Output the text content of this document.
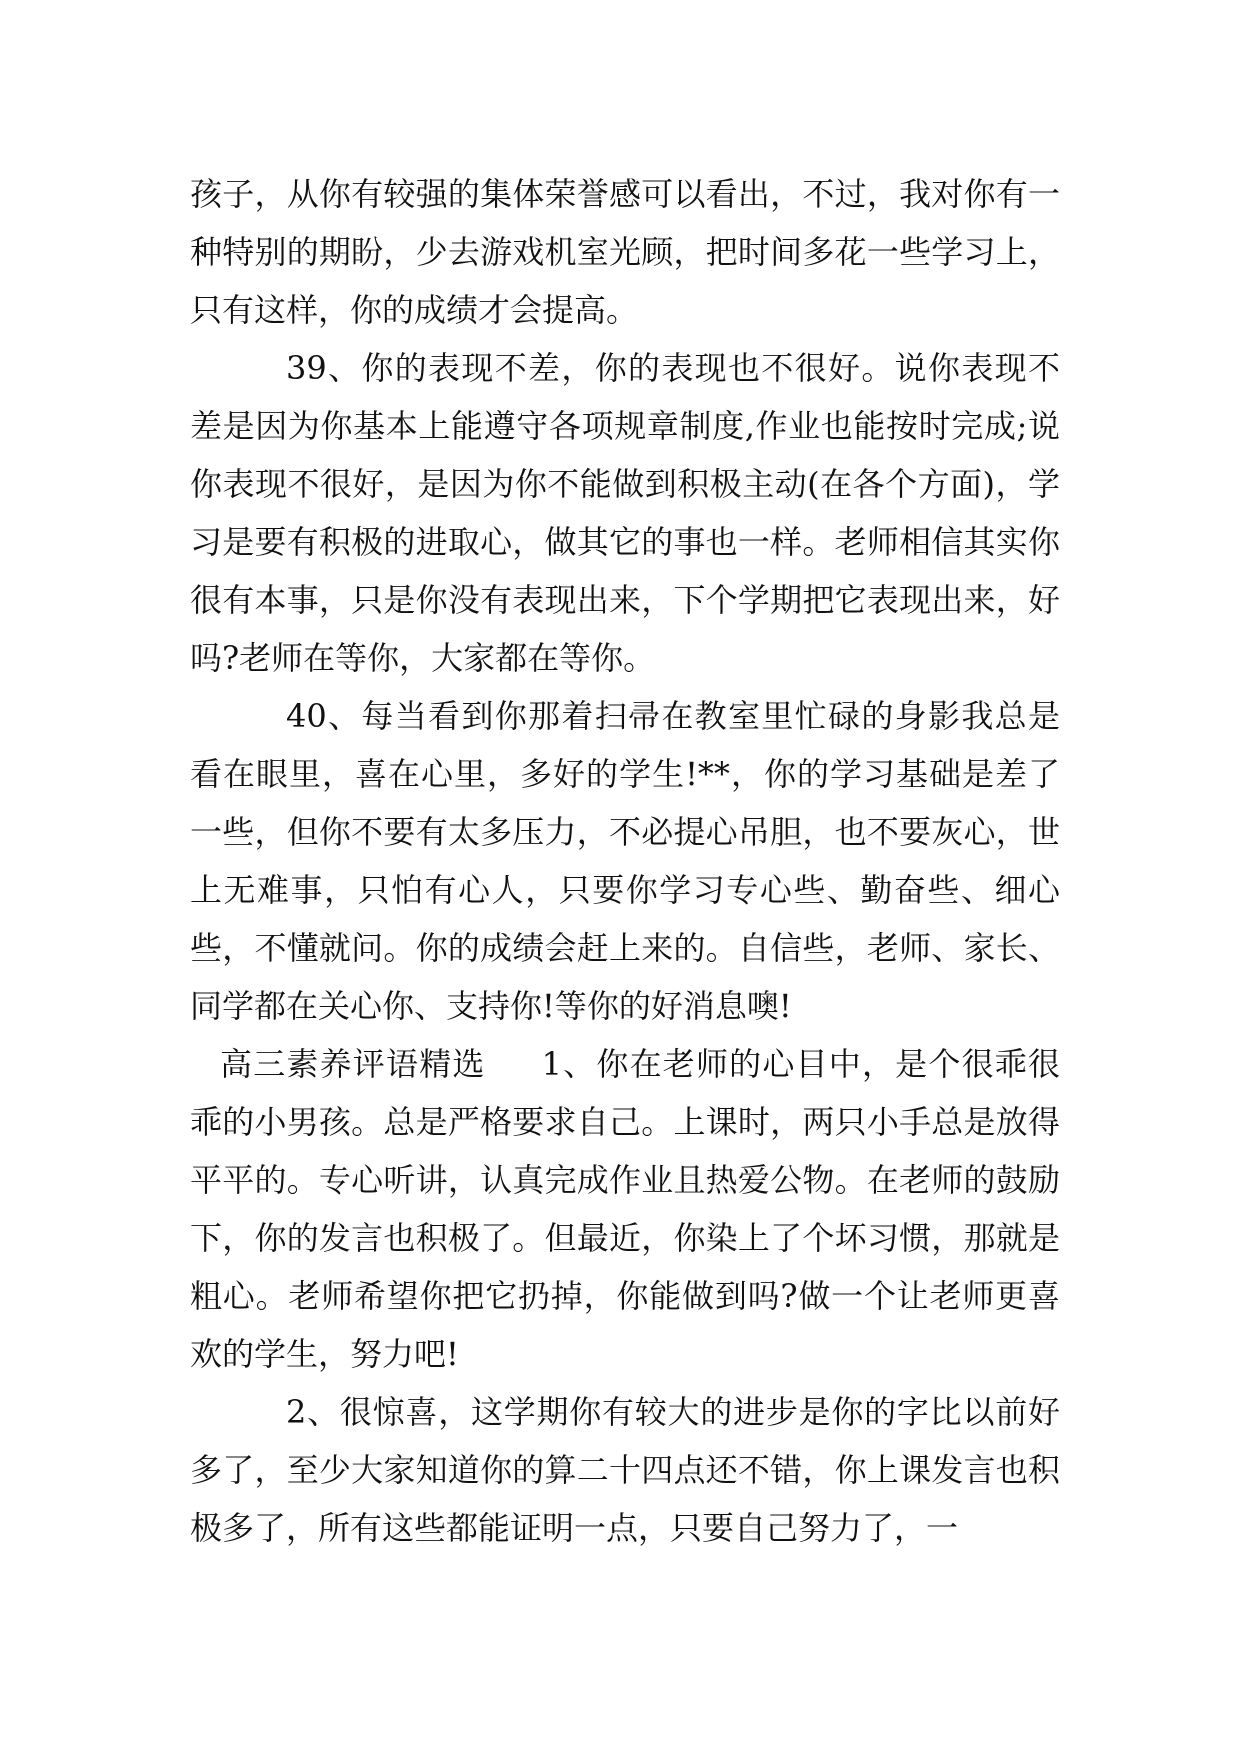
孩子，从你有较强的集体荣誉感可以看出，不过，我对你有一种特别的期盼，少去游戏机室光顾，把时间多花一些学习上，只有这样，你的成绩才会提高。

39、你的表现不差，你的表现也不很好。说你表现不差是因为你基本上能遵守各项规章制度,作业也能按时完成;说你表现不很好，是因为你不能做到积极主动(在各个方面)，学习是要有积极的进取心，做其它的事也一样。老师相信其实你很有本事，只是你没有表现出来，下个学期把它表现出来，好吗?老师在等你，大家都在等你。

40、每当看到你那着扫帚在教室里忙碌的身影我总是看在眼里，喜在心里，多好的学生!**，你的学习基础是差了一些，但你不要有太多压力，不必提心吊胆，也不要灰心，世上无难事，只怕有心人，只要你学习专心些、勤奋些、细心些，不懂就问。你的成绩会赶上来的。自信些，老师、家长、同学都在关心你、支持你!等你的好消息噢!

高三素养评语精选 1、你在老师的心目中，是个很乖很乖的小男孩。总是严格要求自己。上课时，两只小手总是放得平平的。专心听讲，认真完成作业且热爱公物。在老师的鼓励下，你的发言也积极了。但最近，你染上了个坏习惯，那就是粗心。老师希望你把它扔掉，你能做到吗?做一个让老师更喜欢的学生，努力吧!

2、很惊喜，这学期你有较大的进步是你的字比以前好多了，至少大家知道你的算二十四点还不错，你上课发言也积极多了，所有这些都能证明一点，只要自己努力了，一
